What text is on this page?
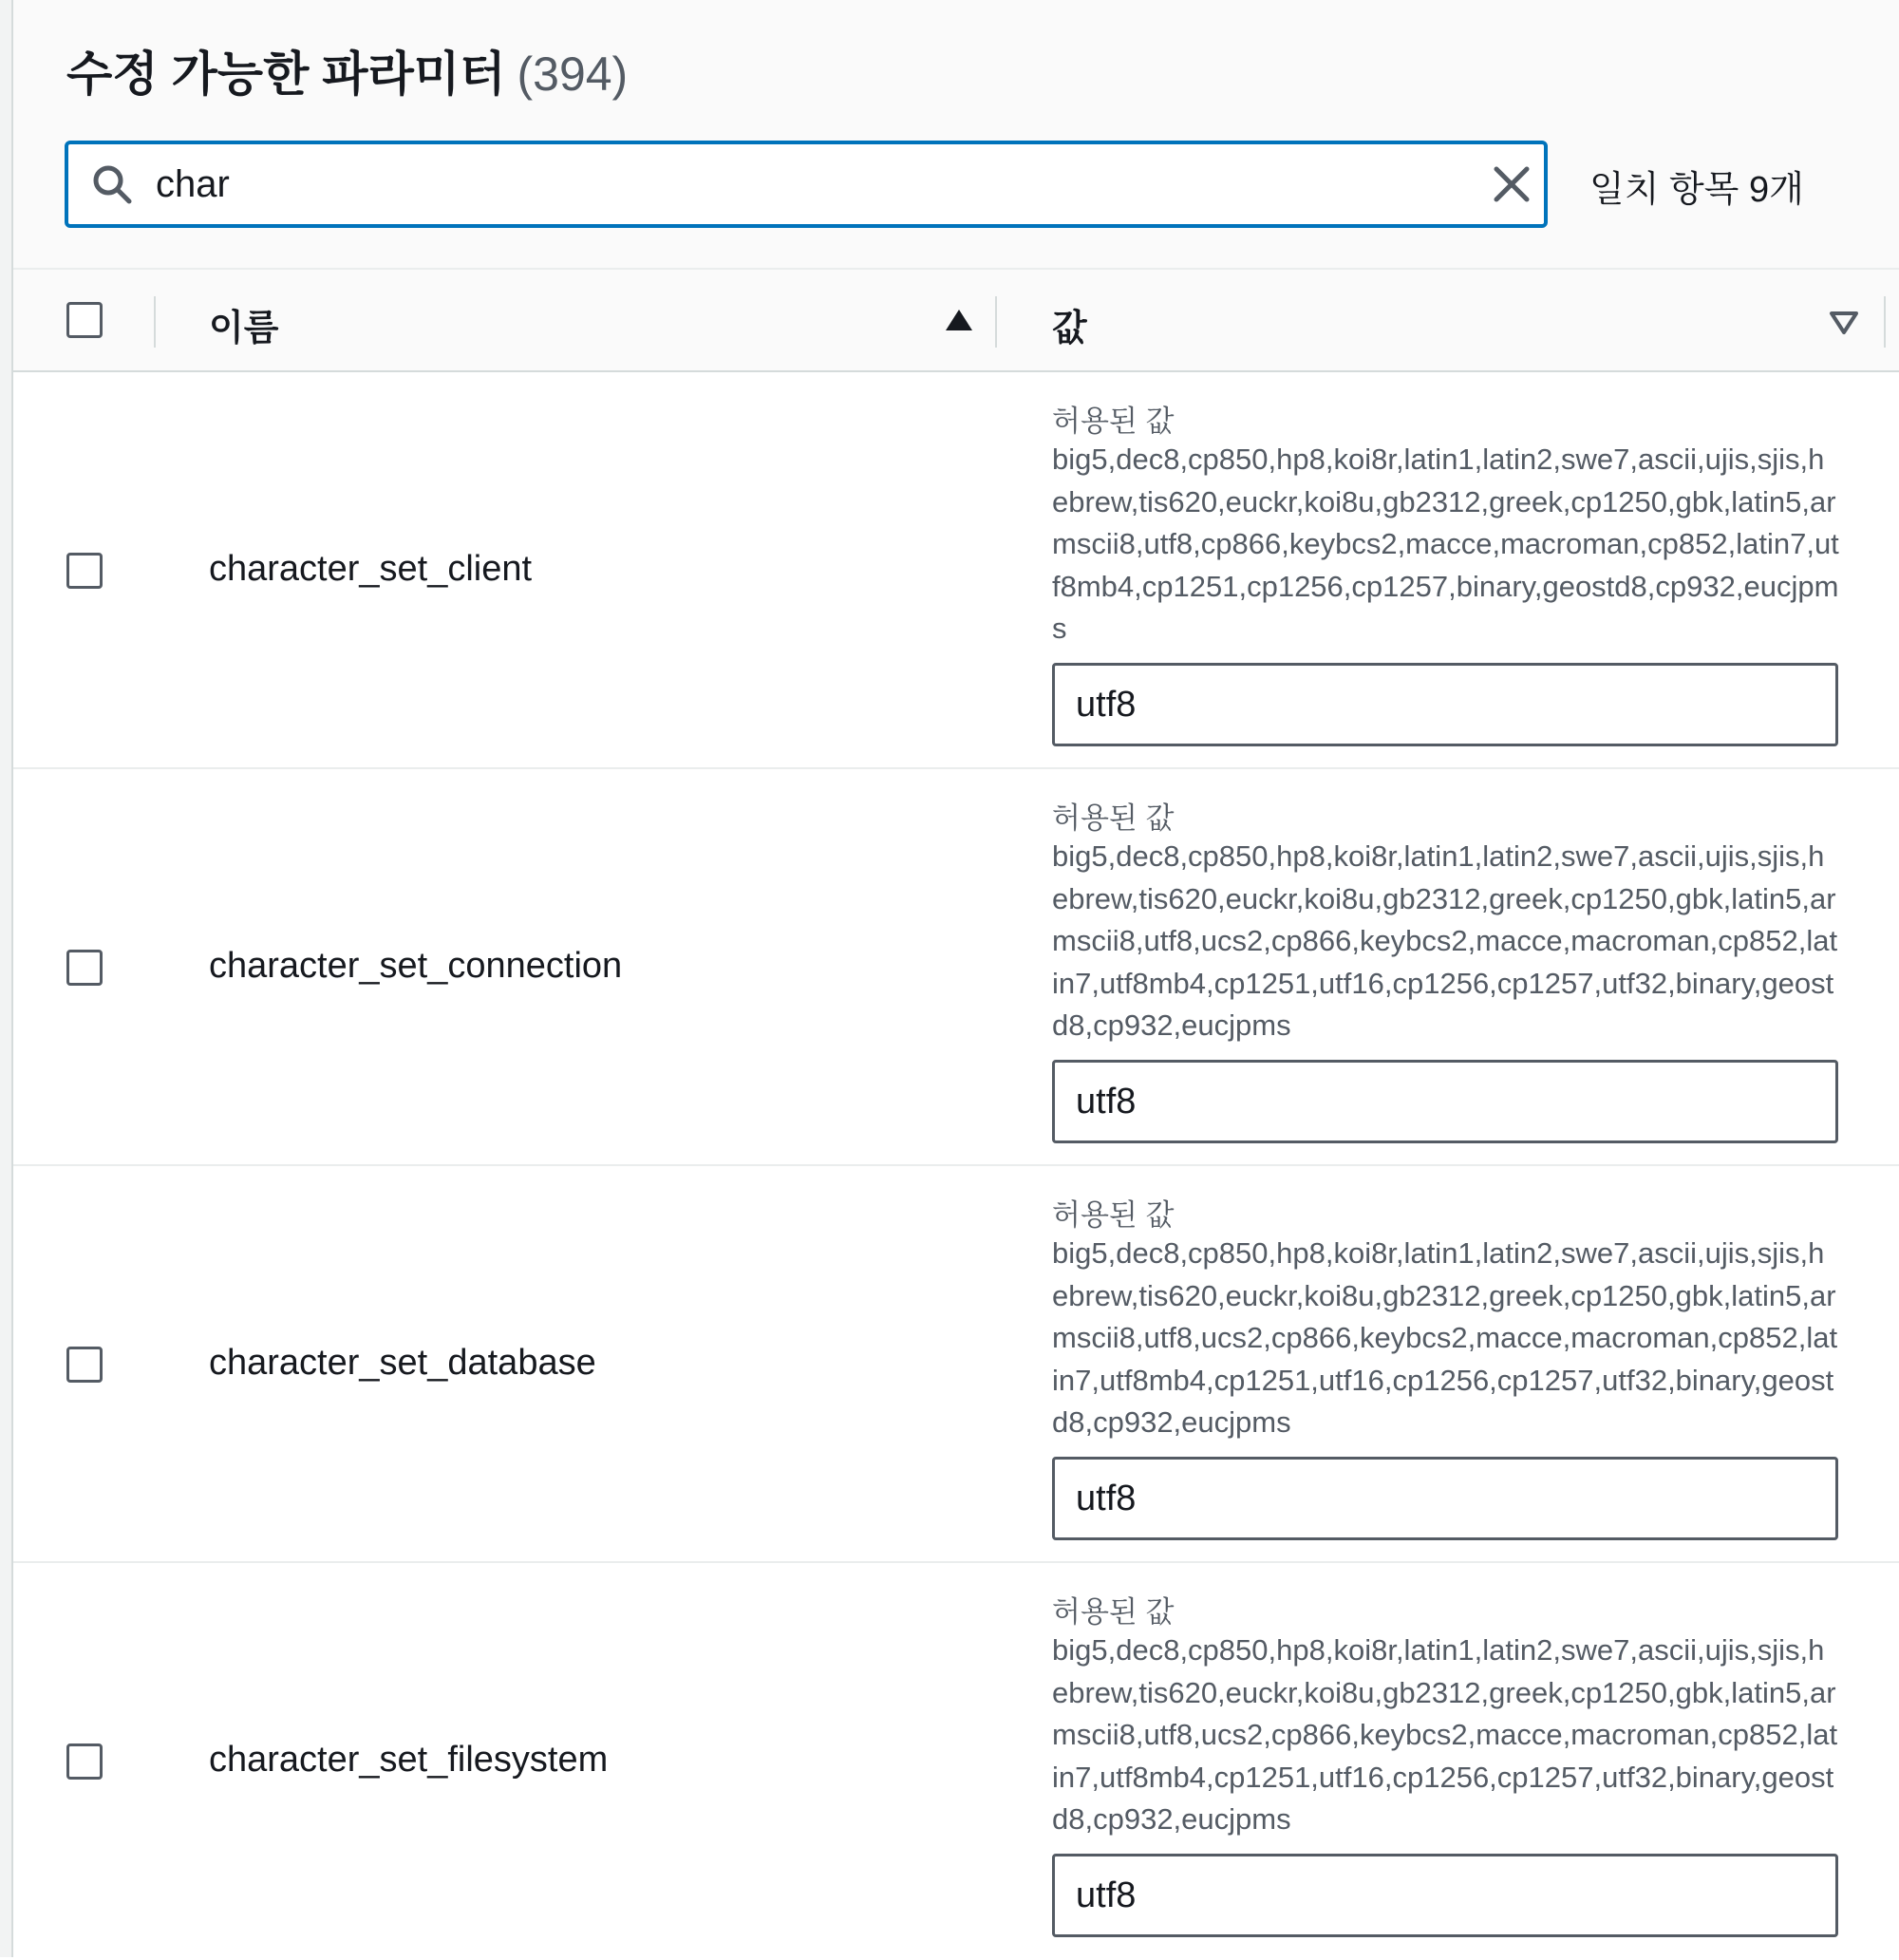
수정 가능한 파라미터 (394)
char
일치 항목 9개
이름	값
character_set_client
허용된 값
big5,dec8,cp850,hp8,koi8r,latin1,latin2,swe7,ascii,ujis,sjis,hebrew,tis620,euckr,koi8u,gb2312,greek,cp1250,gbk,latin5,armscii8,utf8,cp866,keybcs2,macce,macroman,cp852,latin7,utf8mb4,cp1251,cp1256,cp1257,binary,geostd8,cp932,eucjpms
utf8
character_set_connection
허용된 값
big5,dec8,cp850,hp8,koi8r,latin1,latin2,swe7,ascii,ujis,sjis,hebrew,tis620,euckr,koi8u,gb2312,greek,cp1250,gbk,latin5,armscii8,utf8,ucs2,cp866,keybcs2,macce,macroman,cp852,latin7,utf8mb4,cp1251,utf16,cp1256,cp1257,utf32,binary,geostd8,cp932,eucjpms
utf8
character_set_database
허용된 값
big5,dec8,cp850,hp8,koi8r,latin1,latin2,swe7,ascii,ujis,sjis,hebrew,tis620,euckr,koi8u,gb2312,greek,cp1250,gbk,latin5,armscii8,utf8,ucs2,cp866,keybcs2,macce,macroman,cp852,latin7,utf8mb4,cp1251,utf16,cp1256,cp1257,utf32,binary,geostd8,cp932,eucjpms
utf8
character_set_filesystem
허용된 값
big5,dec8,cp850,hp8,koi8r,latin1,latin2,swe7,ascii,ujis,sjis,hebrew,tis620,euckr,koi8u,gb2312,greek,cp1250,gbk,latin5,armscii8,utf8,ucs2,cp866,keybcs2,macce,macroman,cp852,latin7,utf8mb4,cp1251,utf16,cp1256,cp1257,utf32,binary,geostd8,cp932,eucjpms
utf8
